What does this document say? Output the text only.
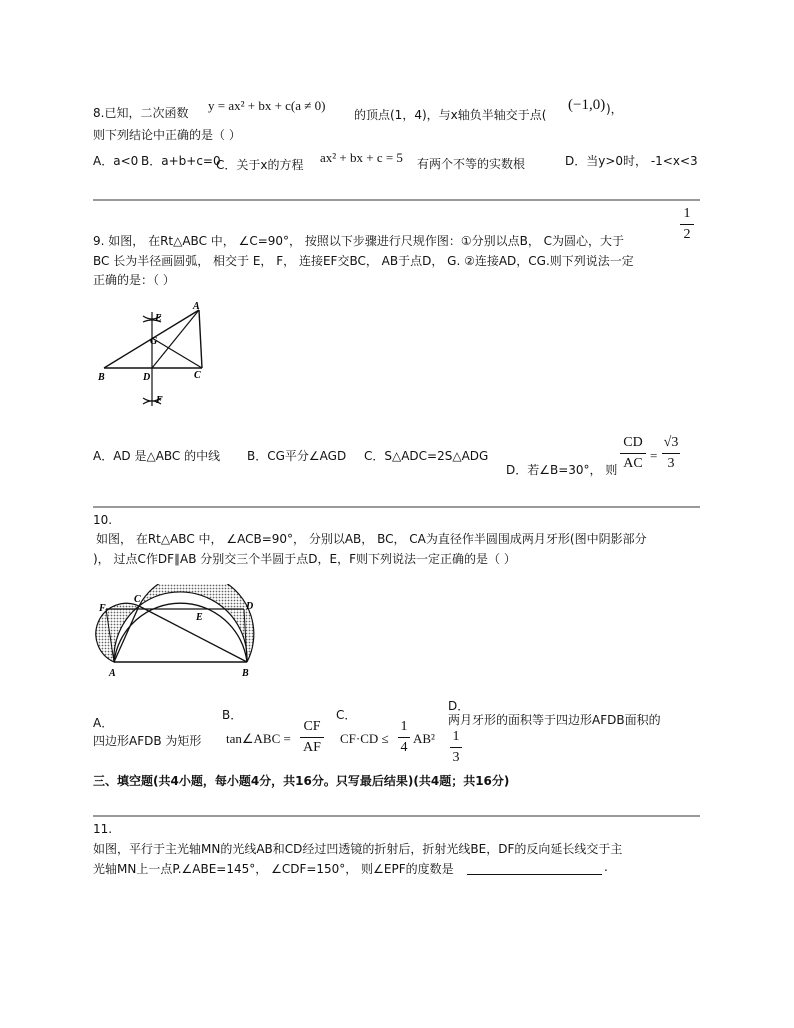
8.已知，二次函数 y = ax² + bx + c(a ≠ 0)
的顶点(1，4)，与x轴负半轴交于点(
(−1,0) )，
则下列结论中正确的是（ ）
A．a<0 B．a+b+c=0
C．关于x的方程 ax² + bx + c = 5 有两个不等的实数根	D．当y>0时， -1<x<3
1
2
9. 如图， 在Rt△ABC 中， ∠C=90°， 按照以下步骤进行尺规作图：①分别以点B， C为圆心，大于
BC 长为半径画圆弧， 相交于 E， F， 连接EF交BC， AB于点D， G. ②连接AD，CG.则下列说法一定
正确的是：（ ）
A
B	C
D
E
F
G
A．AD 是△ABC 的中线 B．CG平分∠AGD C．S△ADC=2S△ADG
D．若∠B=30°， 则
CD
AC
=
√3
3
10.
如图， 在Rt△ABC 中， ∠ACB=90°， 分别以AB， BC， CA为直径作半圆围成两月牙形(图中阴影部分
)， 过点C作DF∥AB 分别交三个半圆于点D，E，F则下列说法一定正确的是（ ）
A	B
C
D
E
F
A．
四边形AFDB 为矩形
B．
tan∠ABC =
CF
AF
C．
CF·CD ≤
1
4
AB²
D．
两月牙形的面积等于四边形AFDB面积的
1
3
三、填空题(共4小题，每小题4分，共16分。只写最后结果)(共4题；共16分)
11.
如图，平行于主光轴MN的光线AB和CD经过凹透镜的折射后，折射光线BE，DF的反向延长线交于主
光轴MN上一点P.∠ABE=145°， ∠CDF=150°， 则∠EPF的度数是	.
